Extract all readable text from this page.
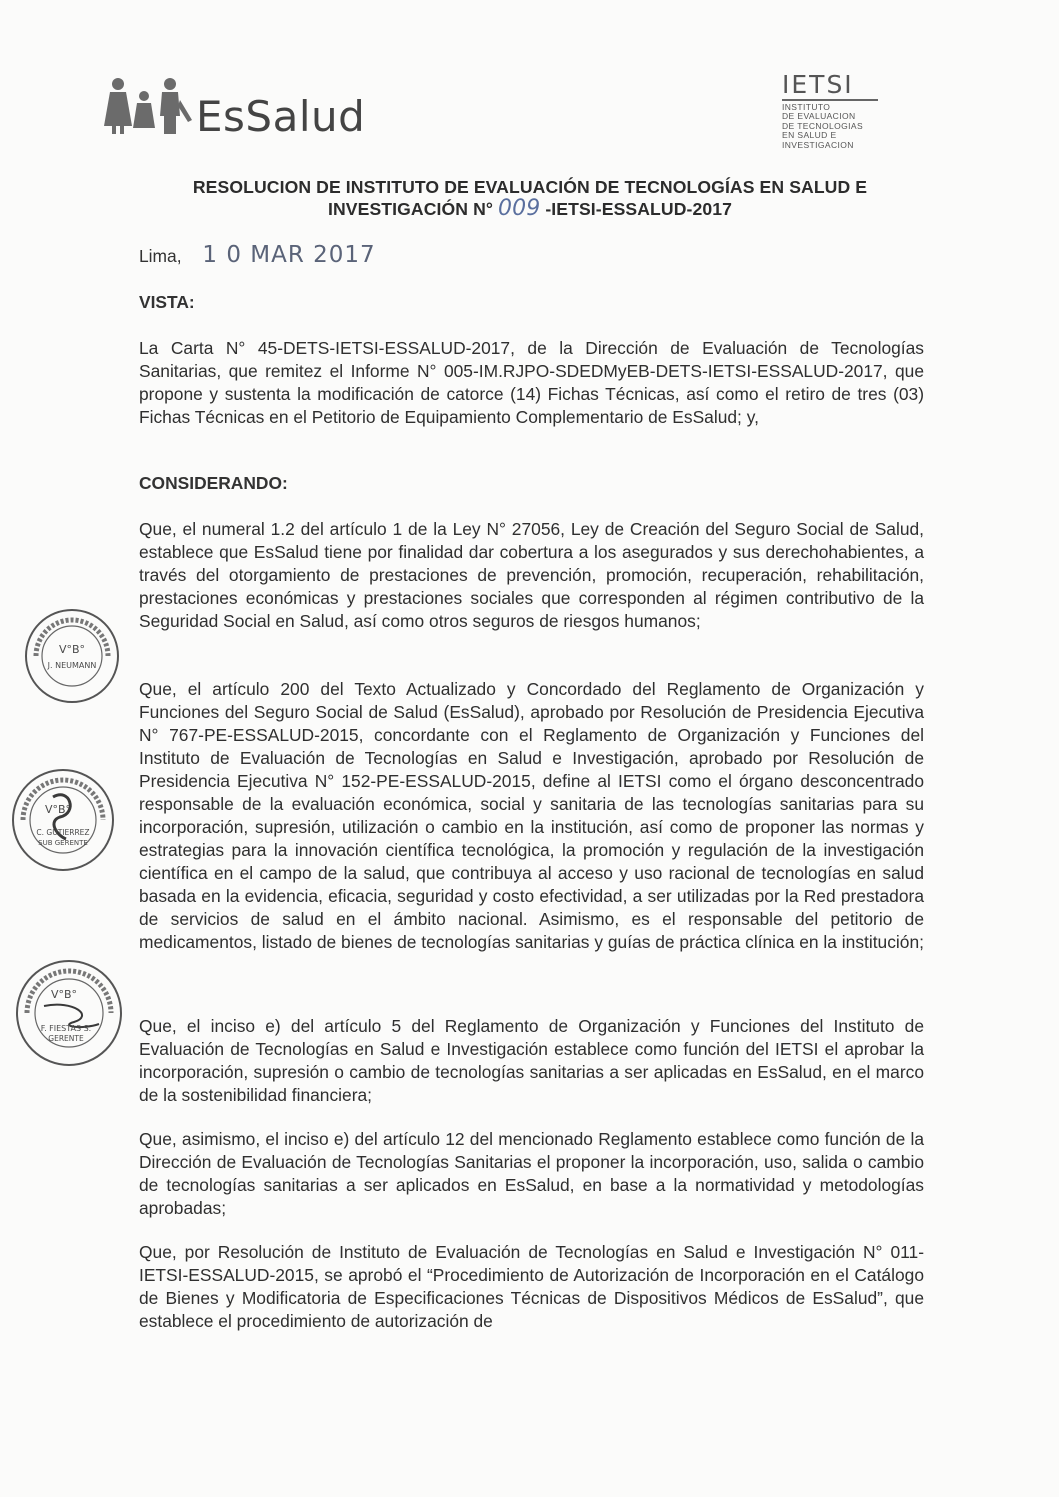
EsSalud
IETSI
INSTITUTO
DE EVALUACION
DE TECNOLOGIAS
EN SALUD E
INVESTIGACION
RESOLUCION DE INSTITUTO DE EVALUACIÓN DE TECNOLOGÍAS EN SALUD E
INVESTIGACIÓN N° 009 -IETSI-ESSALUD-2017
Lima, 1 0 MAR 2017
VISTA:
La Carta N° 45-DETS-IETSI-ESSALUD-2017, de la Dirección de Evaluación de Tecnologías Sanitarias, que remitez el Informe N° 005-IM.RJPO-SDEDMyEB-DETS-IETSI-ESSALUD-2017, que propone y sustenta la modificación de catorce (14) Fichas Técnicas, así como el retiro de tres (03) Fichas Técnicas en el Petitorio de Equipamiento Complementario de EsSalud; y,
CONSIDERANDO:
Que, el numeral 1.2 del artículo 1 de la Ley N° 27056, Ley de Creación del Seguro Social de Salud, establece que EsSalud tiene por finalidad dar cobertura a los asegurados y sus derechohabientes, a través del otorgamiento de prestaciones de prevención, promoción, recuperación, rehabilitación, prestaciones económicas y prestaciones sociales que corresponden al régimen contributivo de la Seguridad Social en Salud, así como otros seguros de riesgos humanos;
Que, el artículo 200 del Texto Actualizado y Concordado del Reglamento de Organización y Funciones del Seguro Social de Salud (EsSalud), aprobado por Resolución de Presidencia Ejecutiva N° 767-PE-ESSALUD-2015, concordante con el Reglamento de Organización y Funciones del Instituto de Evaluación de Tecnologías en Salud e Investigación, aprobado por Resolución de Presidencia Ejecutiva N° 152-PE-ESSALUD-2015, define al IETSI como el órgano desconcentrado responsable de la evaluación económica, social y sanitaria de las tecnologías sanitarias para su incorporación, supresión, utilización o cambio en la institución, así como de proponer las normas y estrategias para la innovación científica tecnológica, la promoción y regulación de la investigación científica en el campo de la salud, que contribuya al acceso y uso racional de tecnologías en salud basada en la evidencia, eficacia, seguridad y costo efectividad, a ser utilizadas por la Red prestadora de servicios de salud en el ámbito nacional. Asimismo, es el responsable del petitorio de medicamentos, listado de bienes de tecnologías sanitarias y guías de práctica clínica en la institución;
Que, el inciso e) del artículo 5 del Reglamento de Organización y Funciones del Instituto de Evaluación de Tecnologías en Salud e Investigación establece como función del IETSI el aprobar la incorporación, supresión o cambio de tecnologías sanitarias a ser aplicadas en EsSalud, en el marco de la sostenibilidad financiera;
Que, asimismo, el inciso e) del artículo 12 del mencionado Reglamento establece como función de la Dirección de Evaluación de Tecnologías Sanitarias el proponer la incorporación, uso, salida o cambio de tecnologías sanitarias a ser aplicados en EsSalud, en base a la normatividad y metodologías aprobadas;
Que, por Resolución de Instituto de Evaluación de Tecnologías en Salud e Investigación N° 011-IETSI-ESSALUD-2015, se aprobó el “Procedimiento de Autorización de Incorporación en el Catálogo de Bienes y Modificatoria de Especificaciones Técnicas de Dispositivos Médicos de EsSalud”, que establece el procedimiento de autorización de
V°B°
J. NEUMANN
V°B°
C. GUTIERREZ
SUB GERENTE
V°B°
F. FIESTAS S.
GERENTE
